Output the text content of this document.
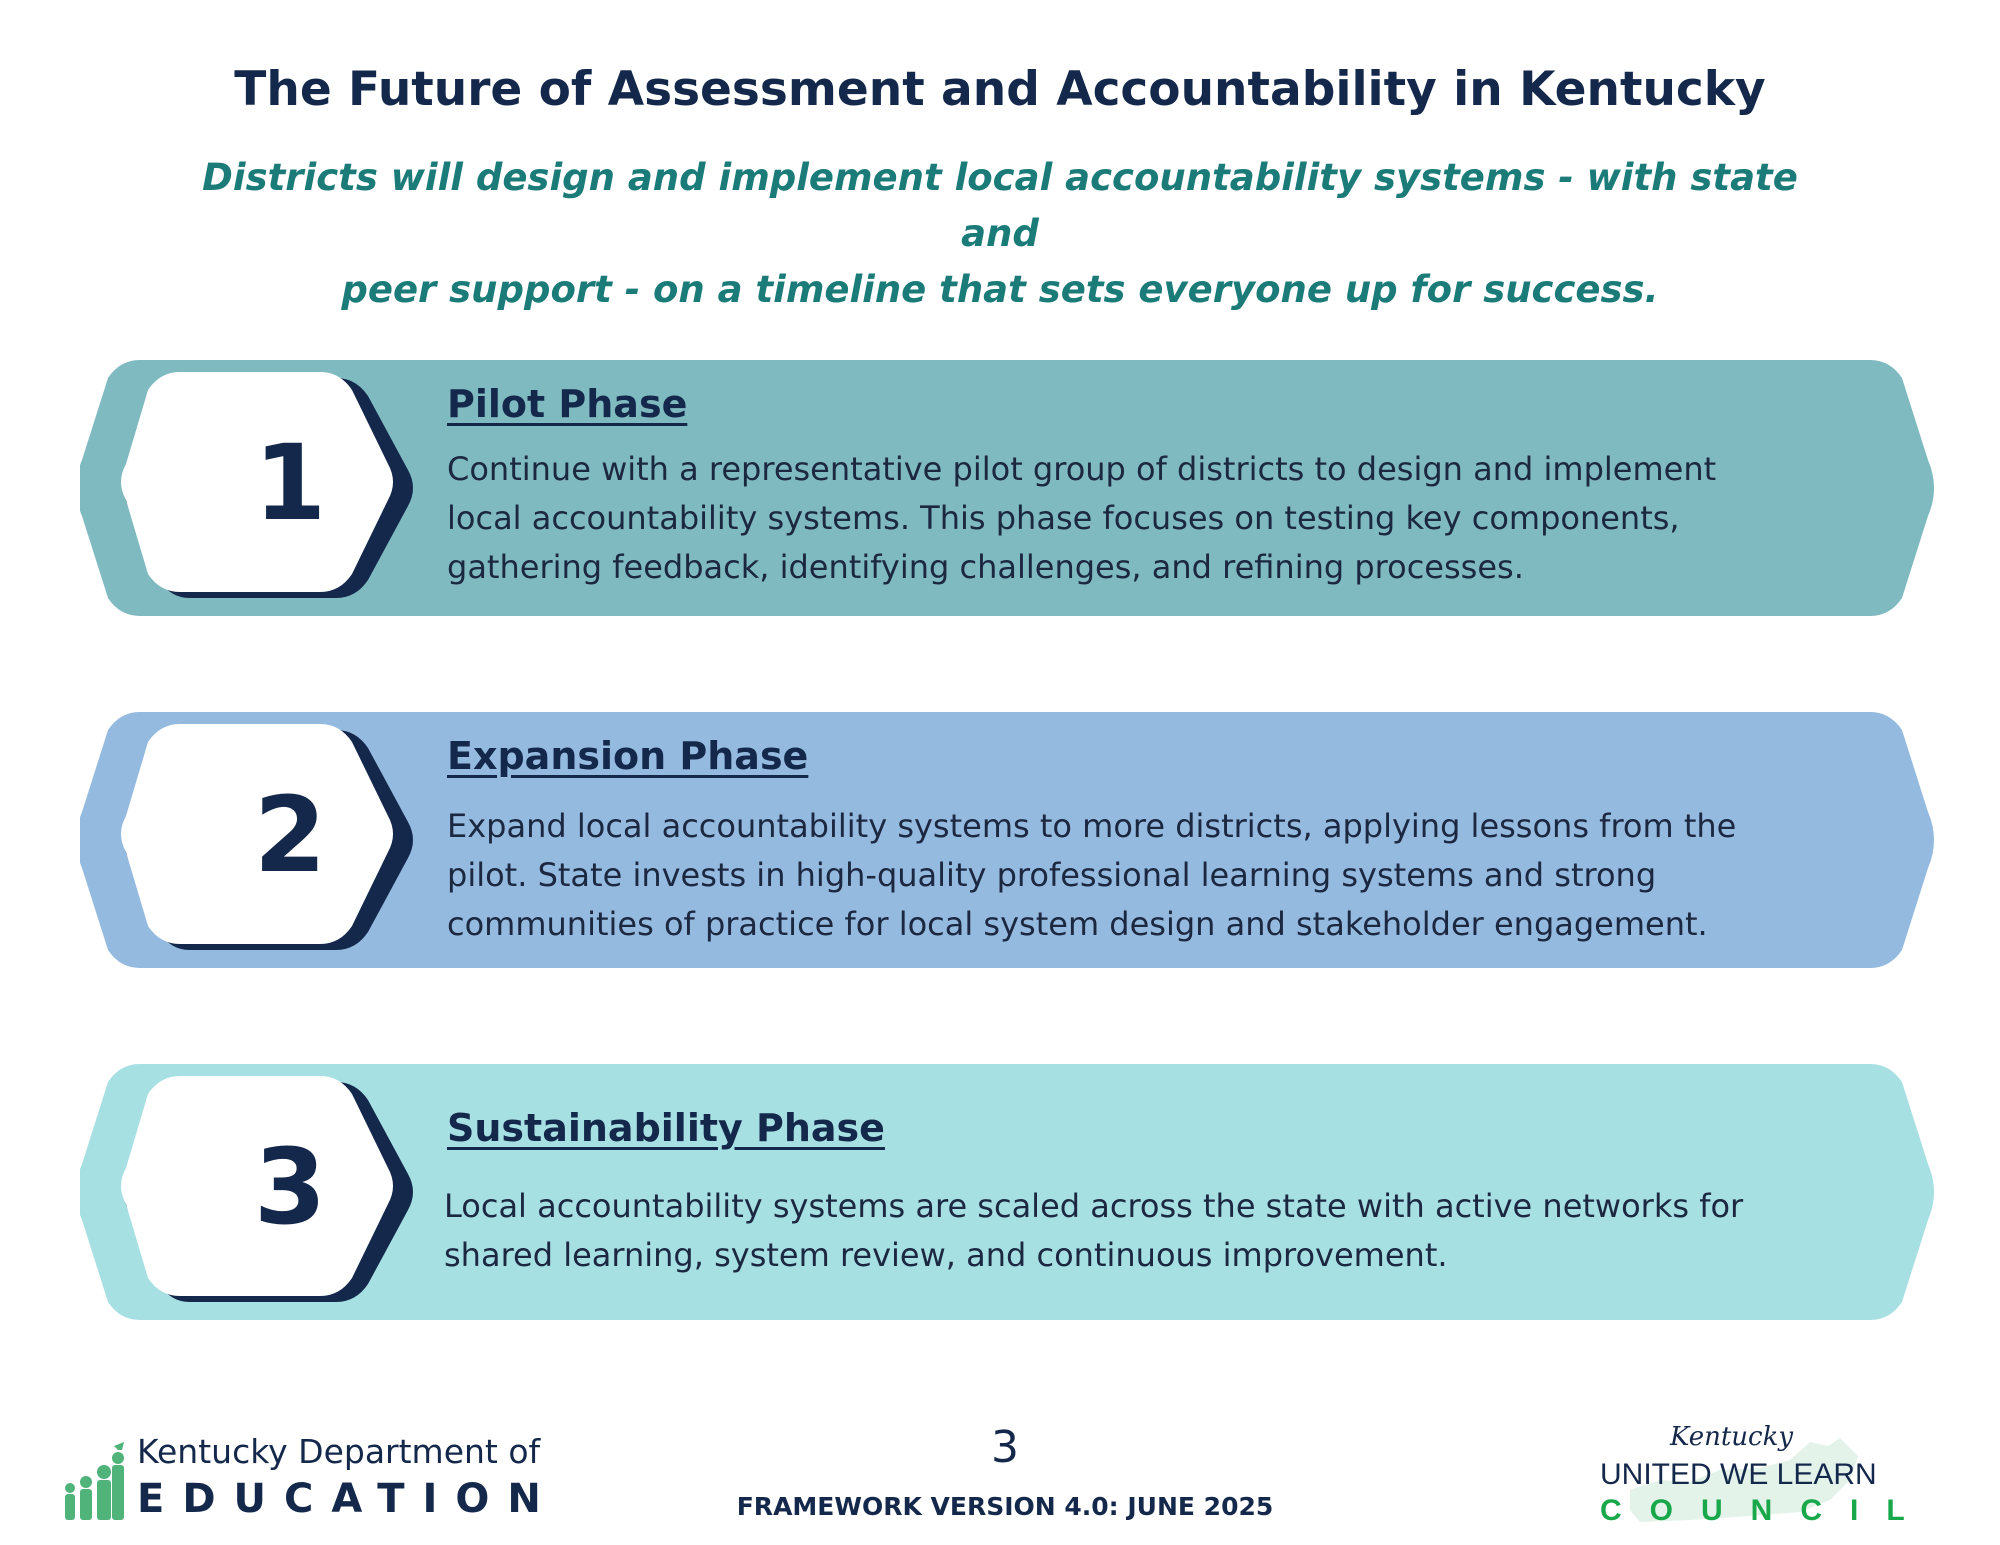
The Future of Assessment and Accountability in Kentucky

Districts will design and implement local accountability systems - with state and
peer support - on a timeline that sets everyone up for success.

1
Pilot Phase

Continue with a representative pilot group of districts to design and implement
local accountability systems. This phase focuses on testing key components,
gathering feedback, identifying challenges, and refining processes.

2
Expansion Phase

Expand local accountability systems to more districts, applying lessons from the
pilot. State invests in high-quality professional learning systems and strong
communities of practice for local system design and stakeholder engagement.

3	Sustainability Phase

Local accountability systems are scaled across the state with active networks for
shared learning, system review, and continuous improvement.

Kentucky Department of
EDUCATION
3
FRAMEWORK VERSION 4.0: JUNE 2025
Kentucky
UNITED WE LEARN
COUNCIL
